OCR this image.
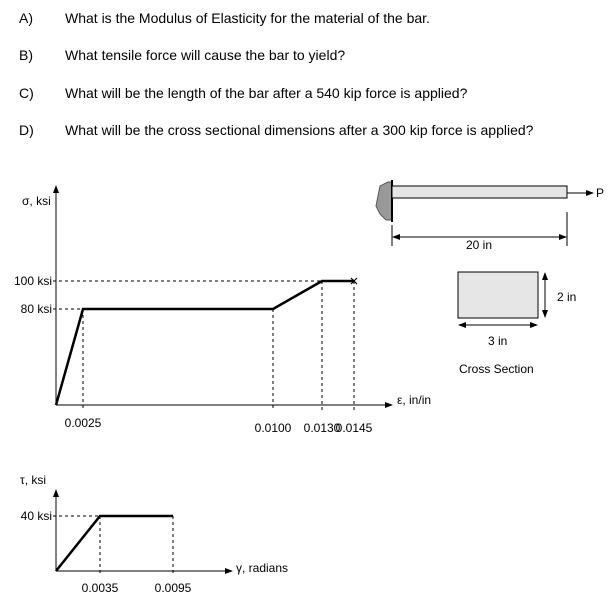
A) What is the Modulus of Elasticity for the material of the bar.
B) What tensile force will cause the bar to yield?
C) What will be the length of the bar after a 540 kip force is applied?
D) What will be the cross sectional dimensions after a 300 kip force is applied?
P
20 in
2 in
3 in
Cross Section
σ, ksi
ε, in/in
0.0025	0.0100 0.0130
0.0145
80 ksi
100 ksi
τ, ksi
γ, radians
0.0035	0.0095
40 ksi
